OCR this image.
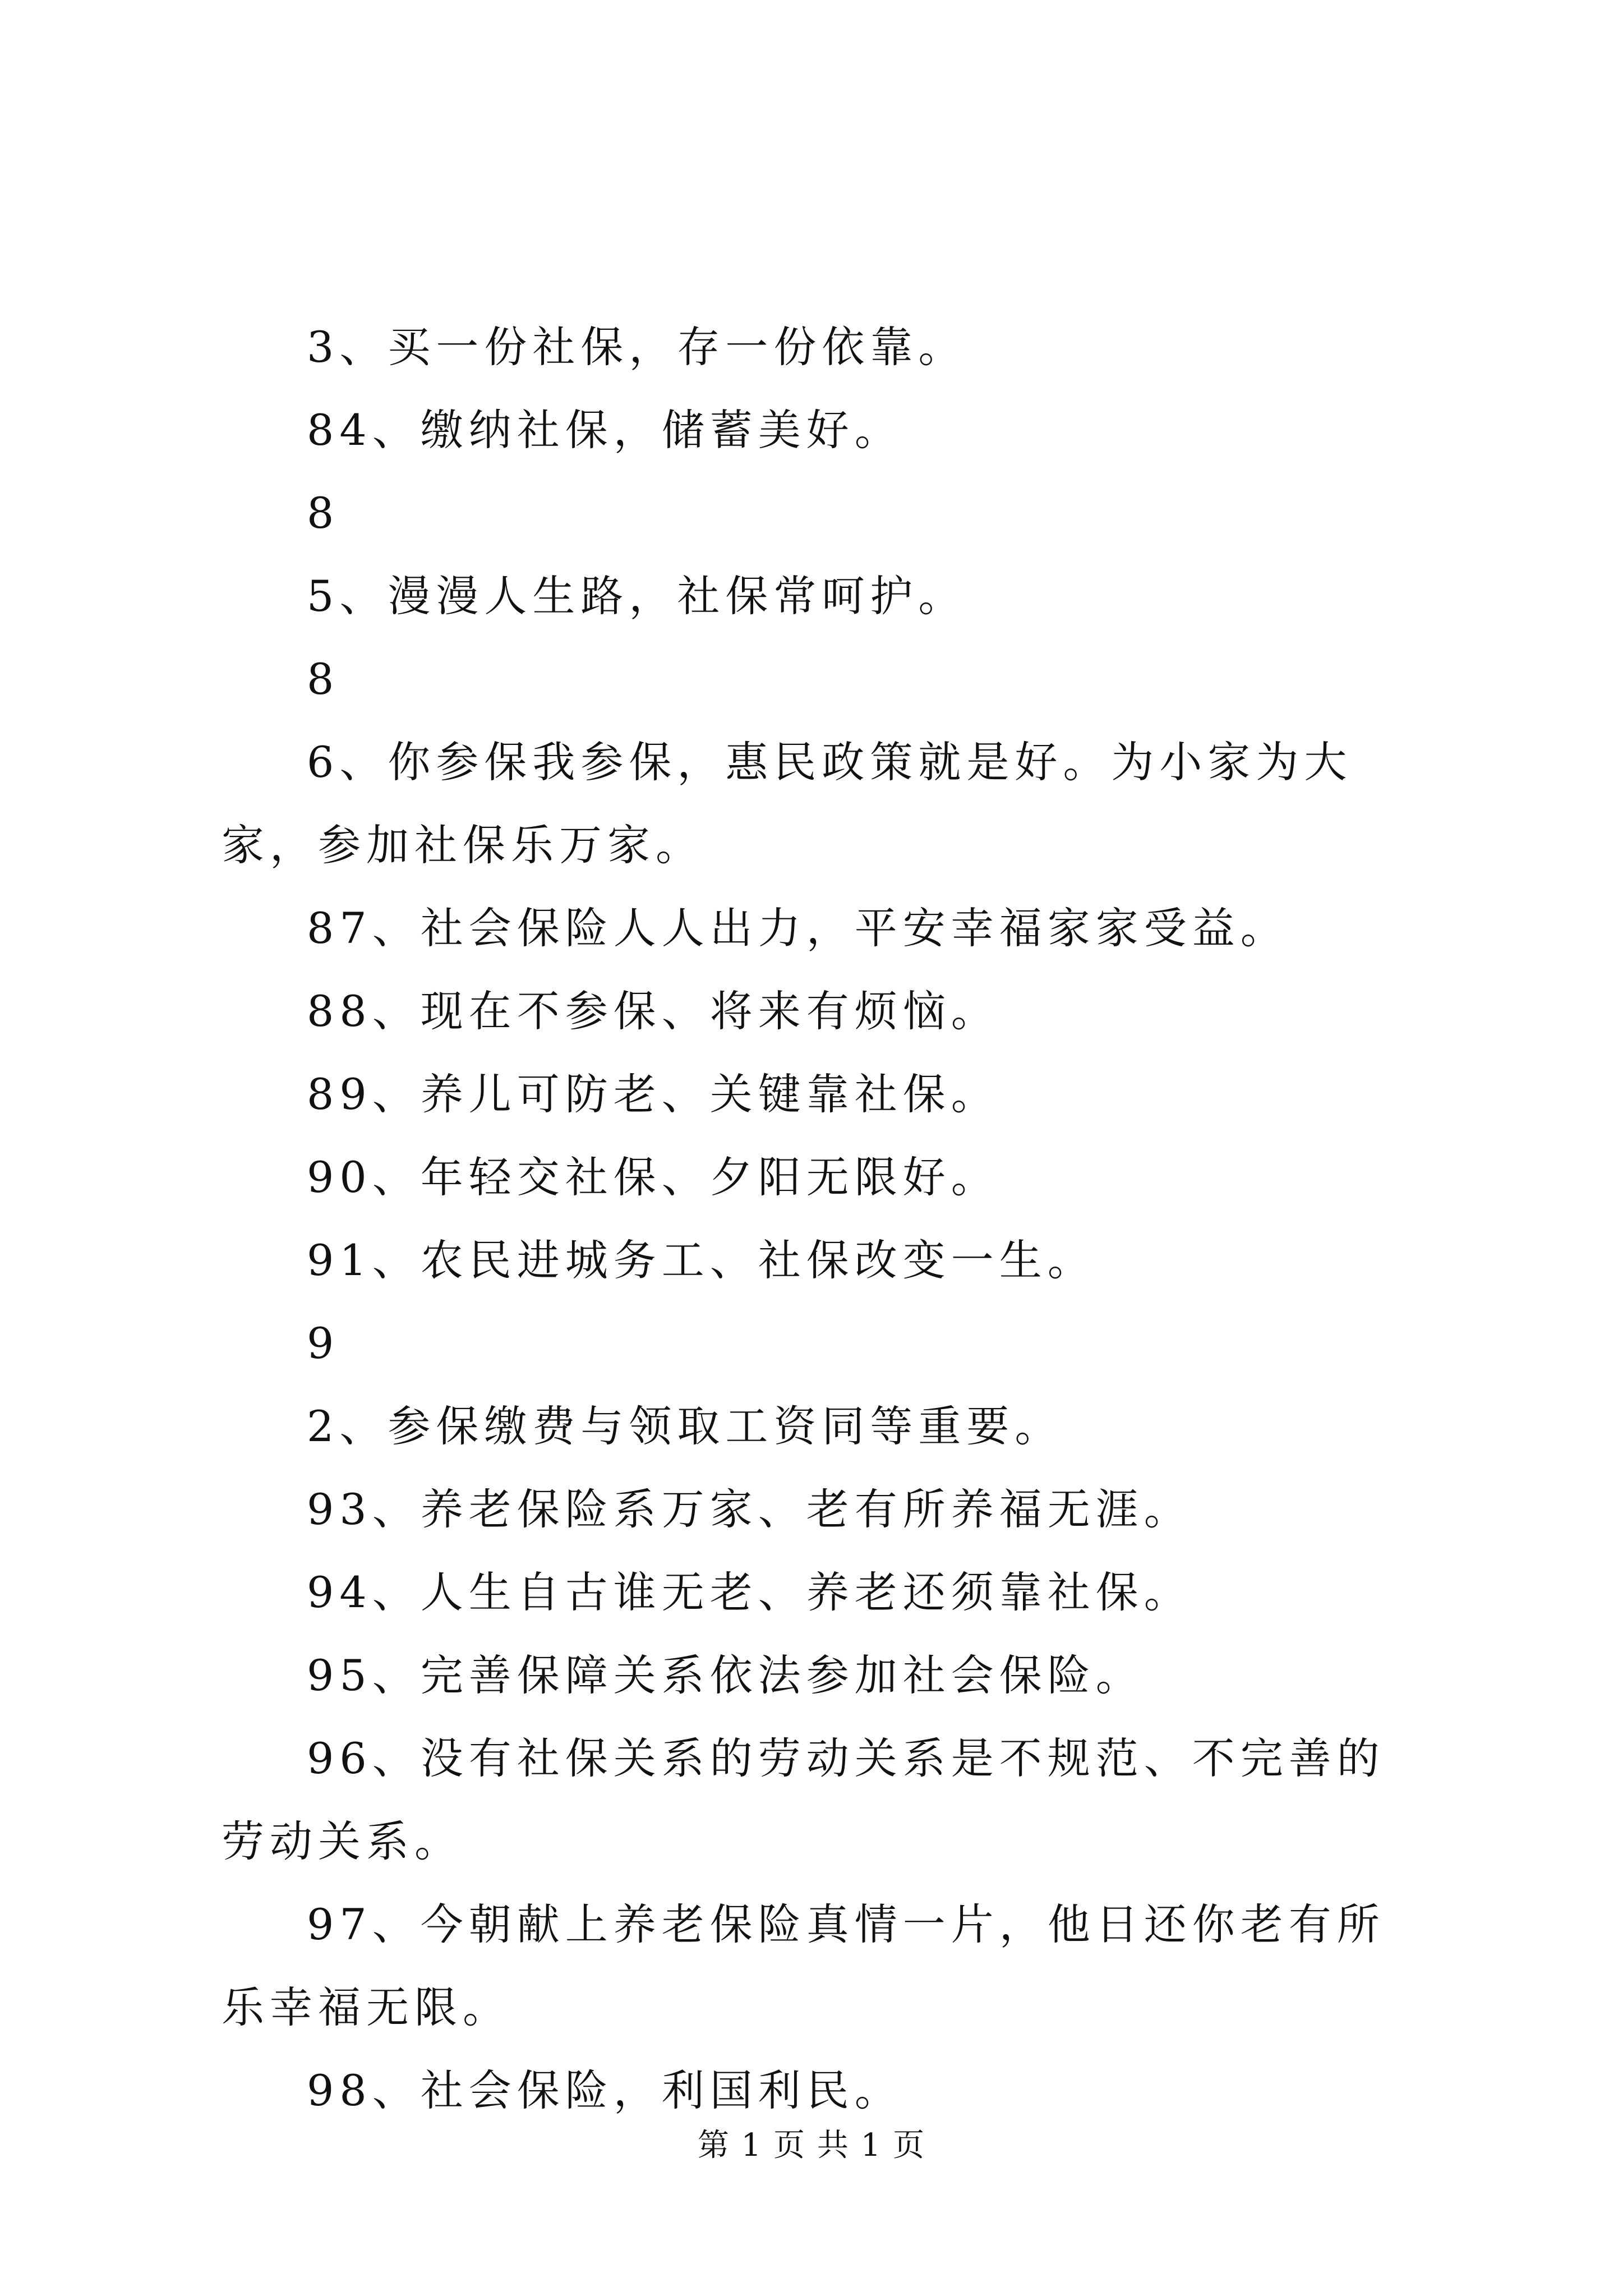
3、买一份社保，存一份依靠。

84、缴纳社保，储蓄美好。

8

5、漫漫人生路，社保常呵护。

8

6、你参保我参保，惠民政策就是好。为小家为大家，参加社保乐万家。

87、社会保险人人出力，平安幸福家家受益。

88、现在不参保、将来有烦恼。

89、养儿可防老、关键靠社保。

90、年轻交社保、夕阳无限好。

91、农民进城务工、社保改变一生。

9

2、参保缴费与领取工资同等重要。

93、养老保险系万家、老有所养福无涯。

94、人生自古谁无老、养老还须靠社保。

95、完善保障关系依法参加社会保险。

96、没有社保关系的劳动关系是不规范、不完善的劳动关系。

97、今朝献上养老保险真情一片，他日还你老有所乐幸福无限。

98、社会保险，利国利民。

第 1 页 共 1 页
